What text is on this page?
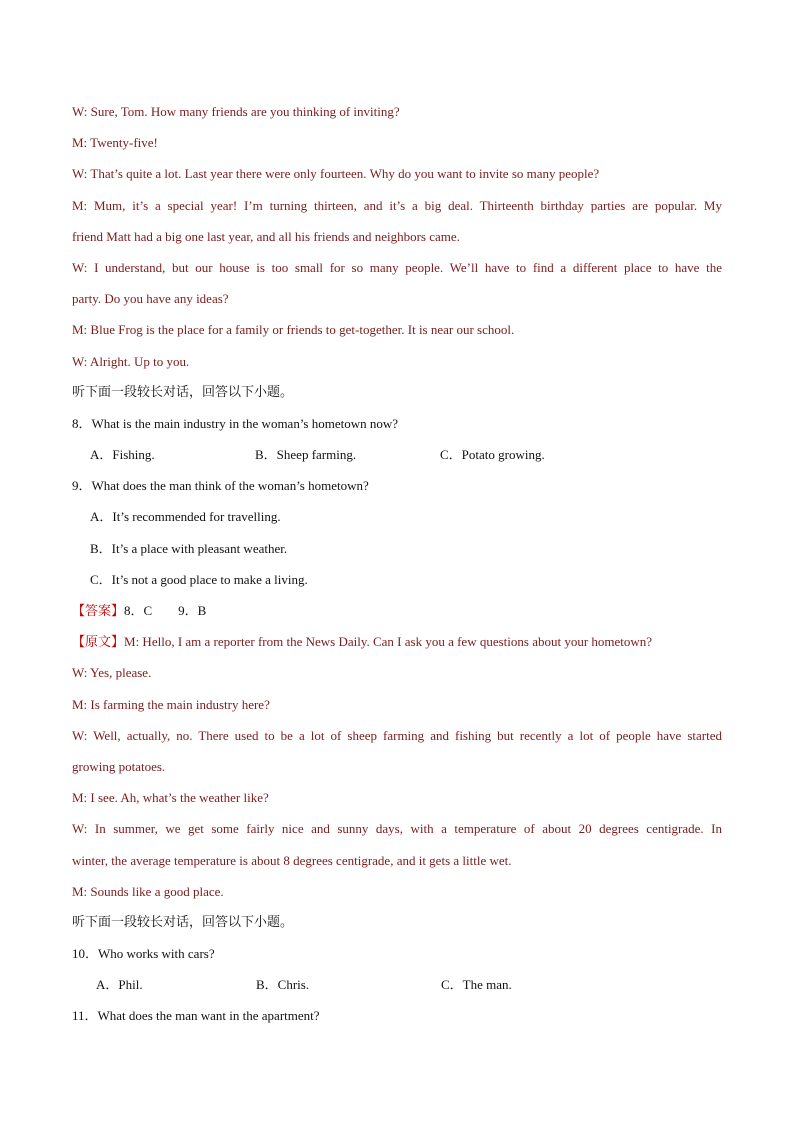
W: Sure, Tom. How many friends are you thinking of inviting?
M: Twenty-five!
W: That’s quite a lot. Last year there were only fourteen. Why do you want to invite so many people?
M: Mum, it’s a special year! I’m turning thirteen, and it’s a big deal. Thirteenth birthday parties are popular. My
friend Matt had a big one last year, and all his friends and neighbors came.
W: I understand, but our house is too small for so many people. We’ll have to find a different place to have the
party. Do you have any ideas?
M: Blue Frog is the place for a family or friends to get-together. It is near our school.
W: Alright. Up to you.
听下面一段较长对话，回答以下小题。
8．What is the main industry in the woman’s hometown now?
A．Fishing.	B．Sheep farming.	C．Potato growing.
9．What does the man think of the woman’s hometown?
A．It’s recommended for travelling.
B．It’s a place with pleasant weather.
C．It’s not a good place to make a living.
【答案】8．C　　9．B
【原文】M: Hello, I am a reporter from the News Daily. Can I ask you a few questions about your hometown?
W: Yes, please.
M: Is farming the main industry here?
W: Well, actually, no. There used to be a lot of sheep farming and fishing but recently a lot of people have started
growing potatoes.
M: I see. Ah, what’s the weather like?
W: In summer, we get some fairly nice and sunny days, with a temperature of about 20 degrees centigrade. In
winter, the average temperature is about 8 degrees centigrade, and it gets a little wet.
M: Sounds like a good place.
听下面一段较长对话，回答以下小题。
10．Who works with cars?
A．Phil.	B．Chris.	C．The man.
11．What does the man want in the apartment?
